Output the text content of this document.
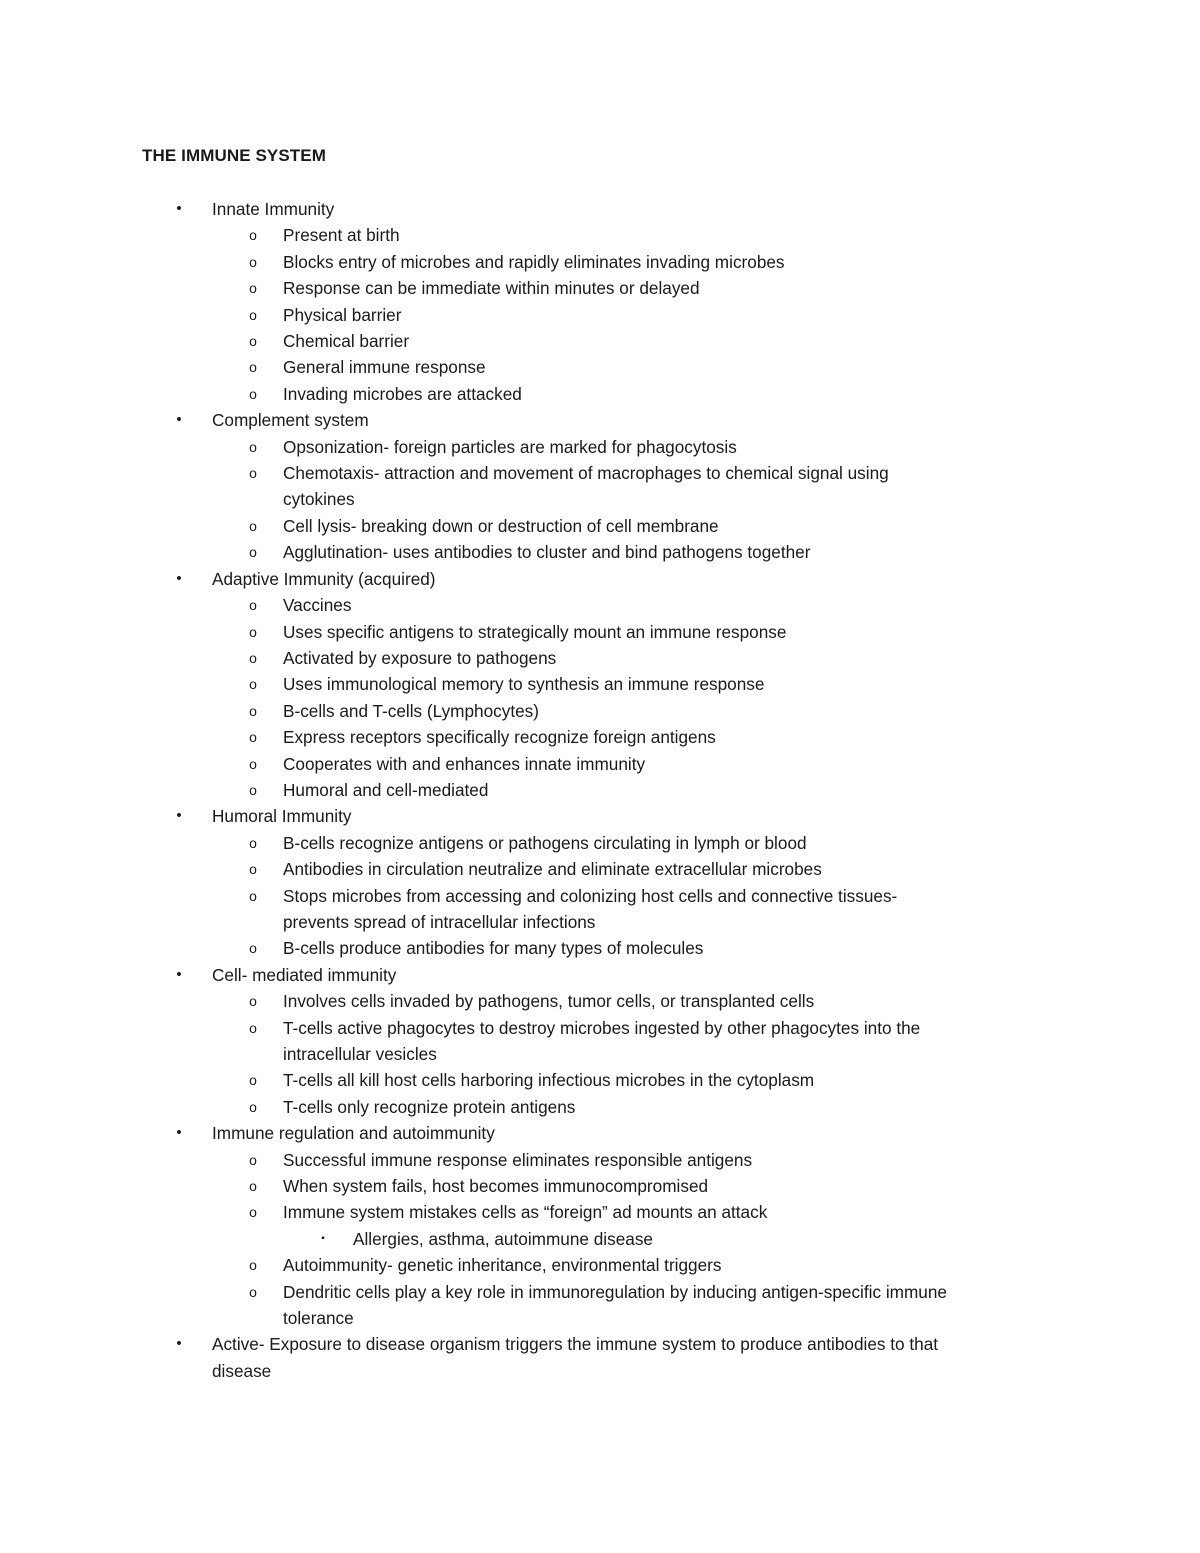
THE IMMUNE SYSTEM
• Innate Immunity
o Present at birth
o Blocks entry of microbes and rapidly eliminates invading microbes
o Response can be immediate within minutes or delayed
o Physical barrier
o Chemical barrier
o General immune response
o Invading microbes are attacked
• Complement system
o Opsonization- foreign particles are marked for phagocytosis
o Chemotaxis- attraction and movement of macrophages to chemical signal using
cytokines
o Cell lysis- breaking down or destruction of cell membrane
o Agglutination- uses antibodies to cluster and bind pathogens together
• Adaptive Immunity (acquired)
o Vaccines
o Uses specific antigens to strategically mount an immune response
o Activated by exposure to pathogens
o Uses immunological memory to synthesis an immune response
o B-cells and T-cells (Lymphocytes)
o Express receptors specifically recognize foreign antigens
o Cooperates with and enhances innate immunity
o Humoral and cell-mediated
• Humoral Immunity
o B-cells recognize antigens or pathogens circulating in lymph or blood
o Antibodies in circulation neutralize and eliminate extracellular microbes
o Stops microbes from accessing and colonizing host cells and connective tissues-
prevents spread of intracellular infections
o B-cells produce antibodies for many types of molecules
• Cell- mediated immunity
o Involves cells invaded by pathogens, tumor cells, or transplanted cells
o T-cells active phagocytes to destroy microbes ingested by other phagocytes into the
intracellular vesicles
o T-cells all kill host cells harboring infectious microbes in the cytoplasm
o T-cells only recognize protein antigens
• Immune regulation and autoimmunity
o Successful immune response eliminates responsible antigens
o When system fails, host becomes immunocompromised
o Immune system mistakes cells as “foreign” ad mounts an attack
▪	Allergies, asthma, autoimmune disease
o Autoimmunity- genetic inheritance, environmental triggers
o Dendritic cells play a key role in immunoregulation by inducing antigen-specific immune
tolerance
• Active- Exposure to disease organism triggers the immune system to produce antibodies to that
disease
